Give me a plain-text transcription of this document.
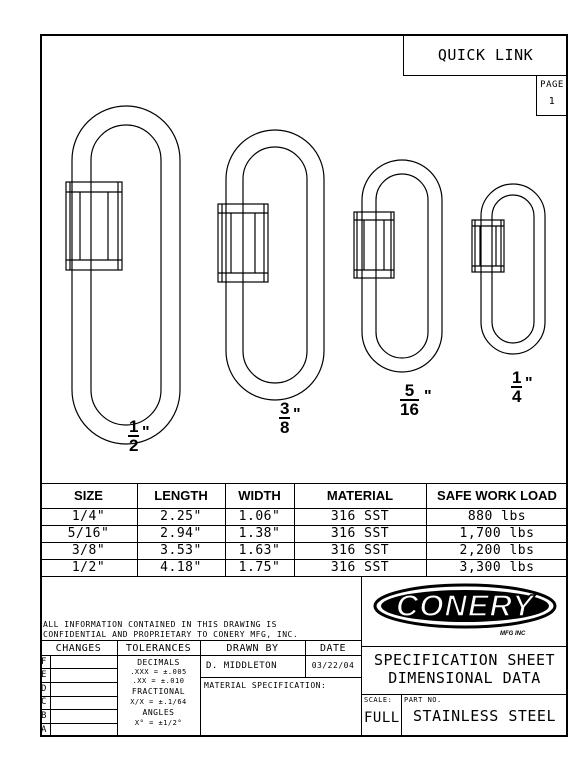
QUICK LINK
PAGE
1
1
2
"
3
8
"
5
16
"
1
4
"
SIZE	LENGTH	WIDTH	MATERIAL	SAFE WORK LOAD
1/4"	2.25"	1.06"	316 SST	880 lbs
5/16"	2.94"	1.38"	316 SST	1,700 lbs
3/8"	3.53"	1.63"	316 SST	2,200 lbs
1/2"	4.18"	1.75"	316 SST	3,300 lbs
ALL INFORMATION CONTAINED IN THIS DRAWING IS
CONFIDENTIAL AND PROPRIETARY TO CONERY MFG, INC.
CONERY
MFG INC
CHANGES
F
E
D
C
B
A
TOLERANCES
DECIMALS
.XXX = ±.005
.XX = ±.010
FRACTIONAL
X/X = ±.1/64
ANGLES
X° = ±1/2°
DRAWN BY	DATE
D. MIDDLETON	03/22/04
MATERIAL SPECIFICATION:
SPECIFICATION SHEET
DIMENSIONAL DATA
SCALE:
FULL
PART NO.
STAINLESS STEEL
